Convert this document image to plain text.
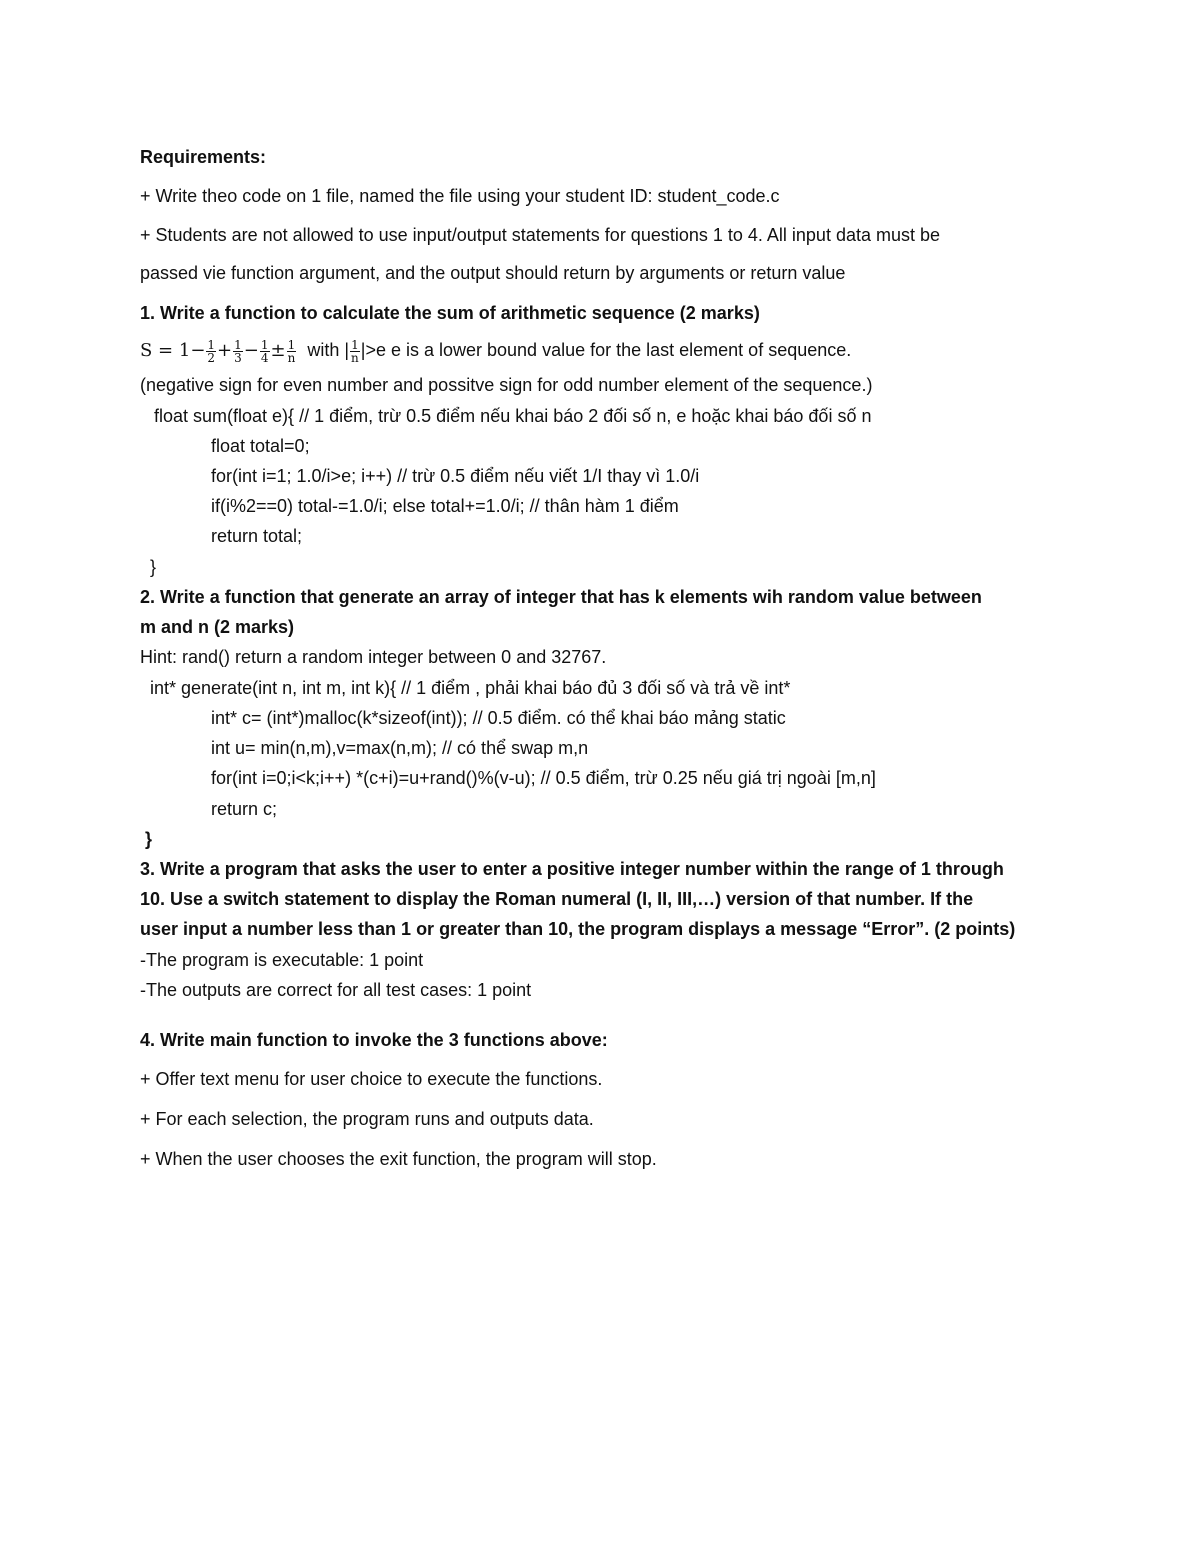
Requirements:
+ Write theo code on 1 file, named the file using your student ID: student_code.c
+ Students are not allowed to use input/output statements for questions 1 to 4. All input data must be
passed vie function argument, and the output should return by arguments or return value
1. Write a function to calculate the sum of arithmetic sequence (2 marks)
$S = 1- \frac{1}{2} + \frac{1}{3} - \frac{1}{4} \pm \frac{1}{n}$ with | $\frac{1}{n} |>e$ e is a lower bound value for the last element of sequence.
(negative sign for even number and possitve sign for odd number element of the sequence.)
float sum(float e){ // 1 điểm, trừ 0.5 điểm nếu khai báo 2 đối số n, e hoặc khai báo đối số n
float total=0;
for(int i=1; 1.0/i>e; i++) // trừ 0.5 điểm nếu viết 1/I thay vì 1.0/i
if(i%2==0) total-=1.0/i; else total+=1.0/i; // thân hàm 1 điểm
return total;
}
2. Write a function that generate an array of integer that has k elements wih random value between
m and n (2 marks)
Hint: rand() return a random integer between 0 and 32767.
int* generate(int n, int m, int k){ // 1 điểm , phải khai báo đủ 3 đối số và trả về int*
int* c= (int*)malloc(k*sizeof(int)); // 0.5 điểm. có thể khai báo mảng static
int u= min(n,m),v=max(n,m); // có thể swap m,n
for(int i=0;i<k;i++) *(c+i)=u+rand()%(v-u); // 0.5 điểm, trừ 0.25 nếu giá trị ngoài [m,n]
return c;
}
3. Write a program that asks the user to enter a positive integer number within the range of 1 through
10. Use a switch statement to display the Roman numeral (I, II, III,…) version of that number. If the
user input a number less than 1 or greater than 10, the program displays a message “Error”. (2 points)
-The program is executable: 1 point
-The outputs are correct for all test cases: 1 point
4. Write main function to invoke the 3 functions above:
+ Offer text menu for user choice to execute the functions.
+ For each selection, the program runs and outputs data.
+ When the user chooses the exit function, the program will stop.
